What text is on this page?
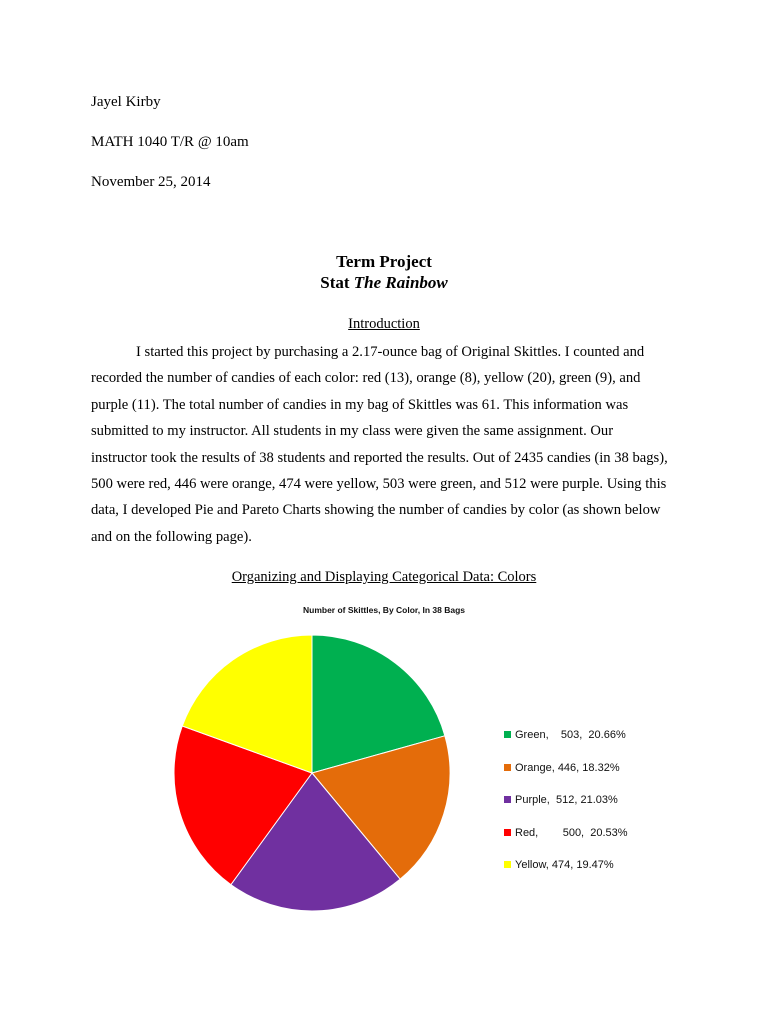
Jayel Kirby
MATH 1040 T/R @ 10am
November 25, 2014
Term Project
Stat The Rainbow
Introduction

I started this project by purchasing a 2.17-ounce bag of Original Skittles. I counted and recorded the number of candies of each color: red (13), orange (8), yellow (20), green (9), and purple (11). The total number of candies in my bag of Skittles was 61. This information was submitted to my instructor. All students in my class were given the same assignment. Our instructor took the results of 38 students and reported the results. Out of 2435 candies (in 38 bags), 500 were red, 446 were orange, 474 were yellow, 503 were green, and 512 were purple. Using this data, I developed Pie and Pareto Charts showing the number of candies by color (as shown below and on the following page).

Organizing and Displaying Categorical Data: Colors
Number of Skittles, By Color, In 38 Bags
Green, 503, 20.66%
Orange, 446, 18.32%
Purple, 512, 21.03%
Red, 500, 20.53%
Yellow, 474, 19.47%
